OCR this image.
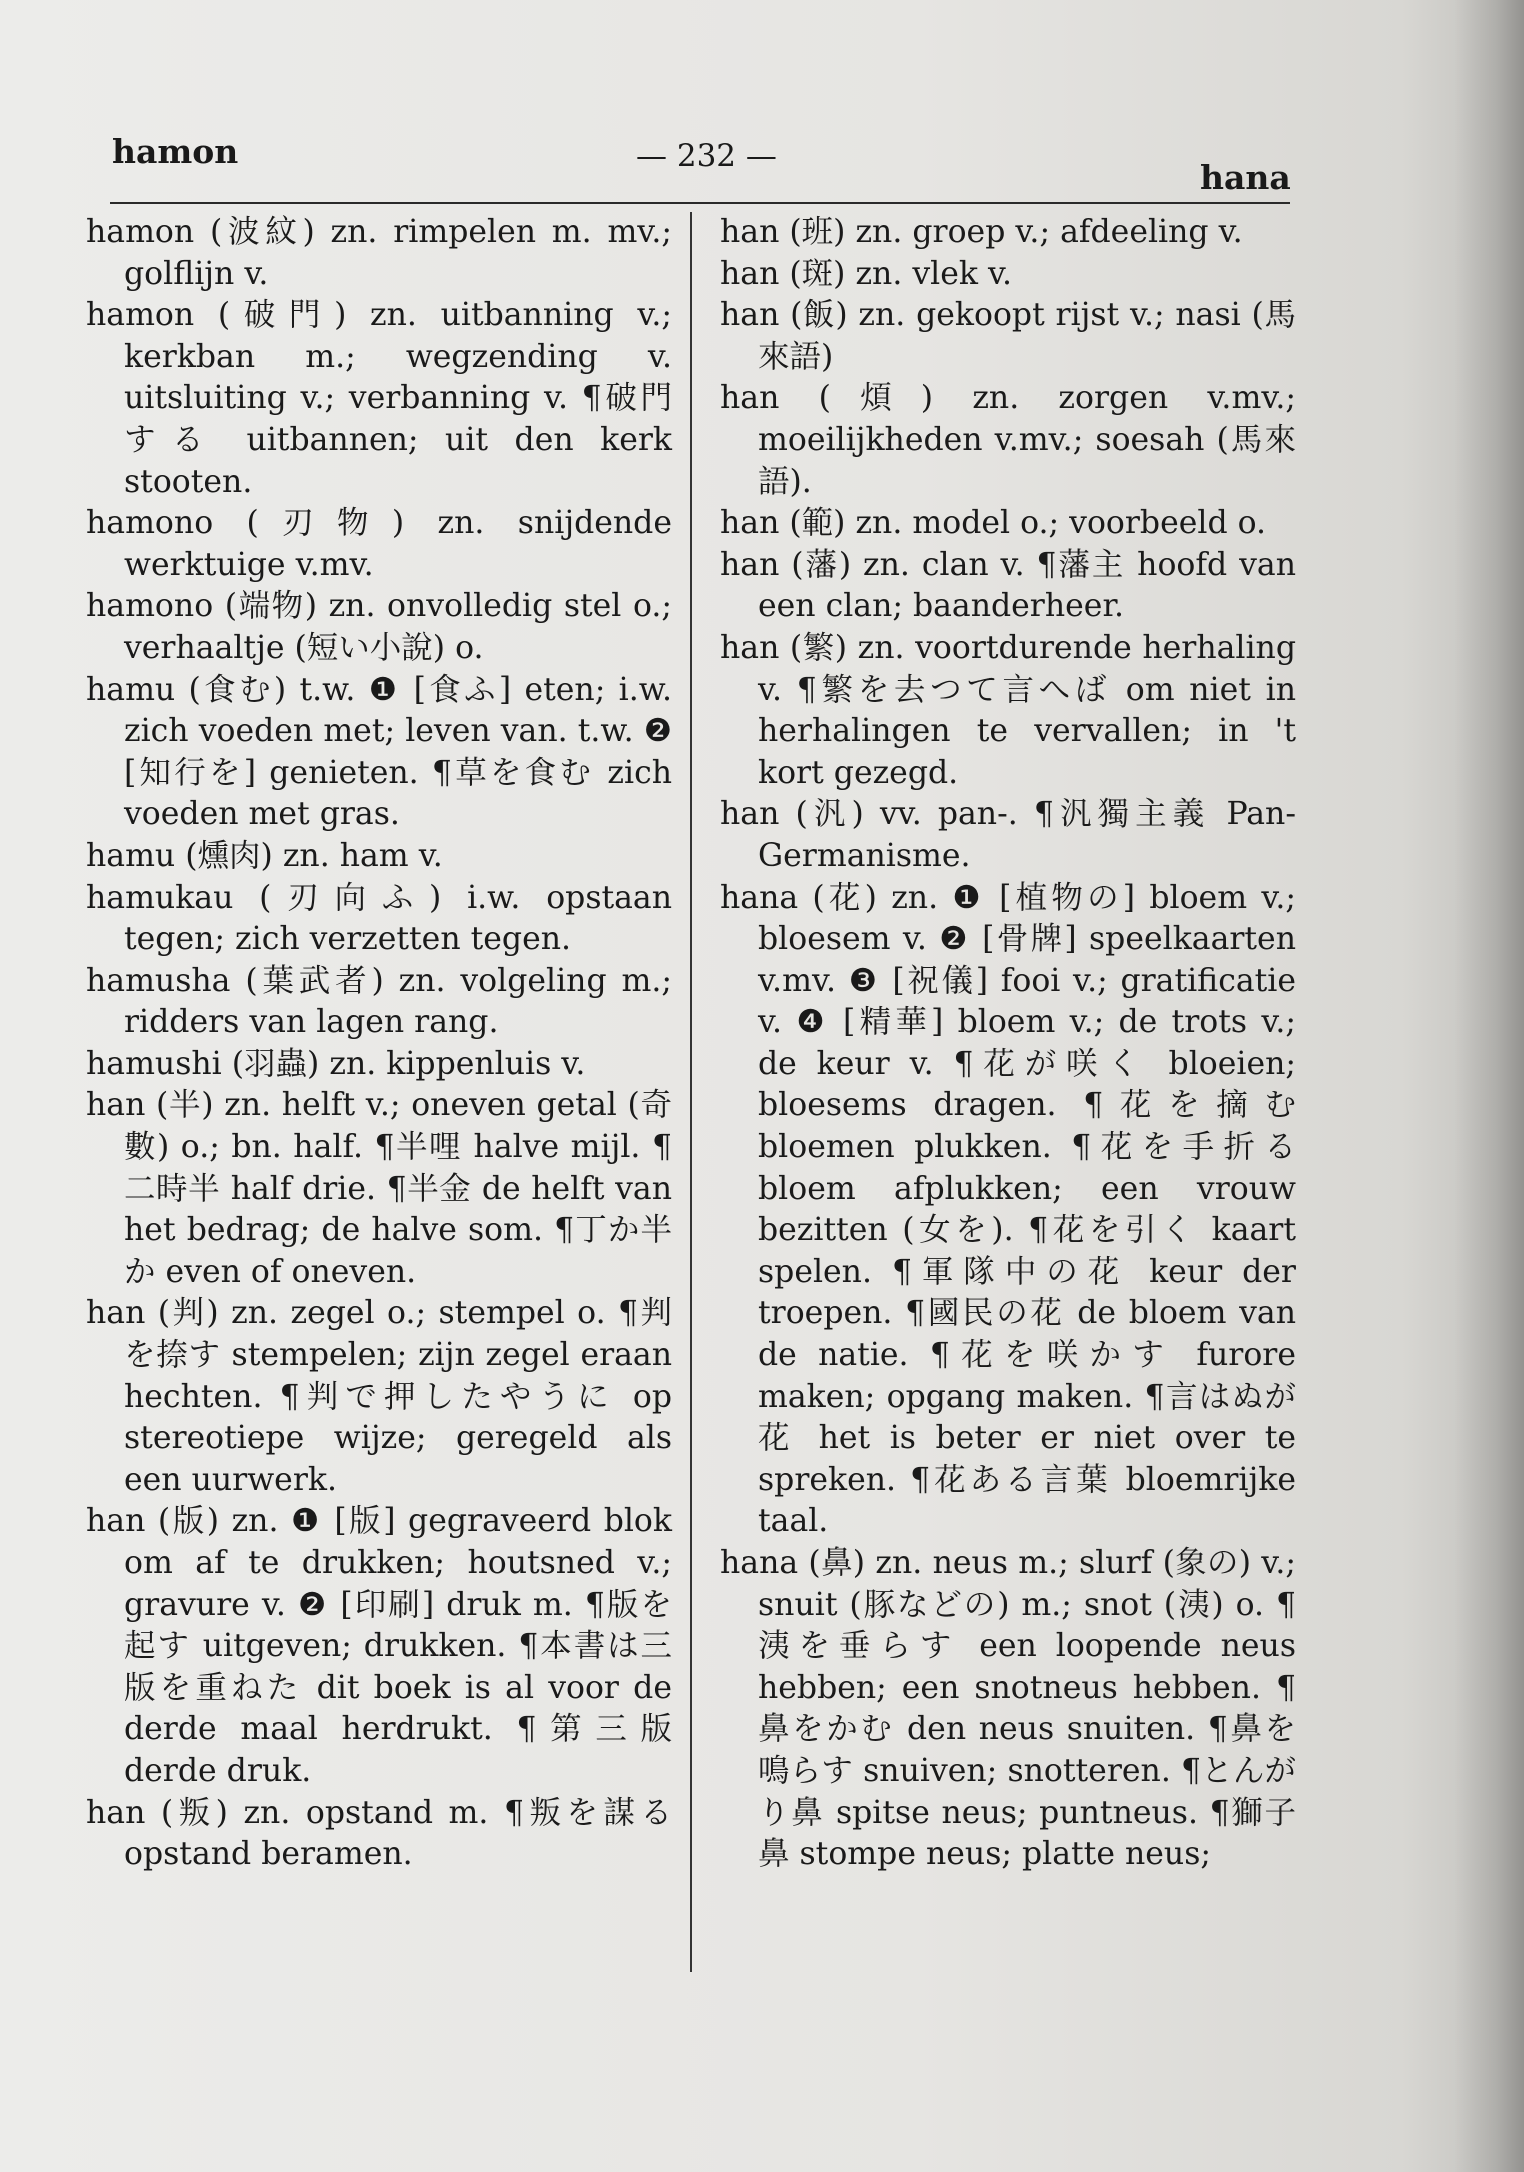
hamon	— 232 —
hana

hamon (波紋) zn. rimpelen m. mv.; golflijn v.

hamon (破門) zn. uitbanning v.; kerkban m.; wegzending v. uitsluiting v.; verbanning v. ¶破門する uitbannen; uit den kerk stooten.

hamono (刃物) zn. snijdende werktuige v.mv.

hamono (端物) zn. onvolledig stel o.; verhaaltje (短い小說) o.

hamu (食む) t.w. ❶ [食ふ] eten; i.w. zich voeden met; leven van. t.w. ❷ [知行を] genieten. ¶草を食む zich voeden met gras.

hamu (燻肉) zn. ham v.

hamukau (刃向ふ) i.w. opstaan tegen; zich verzetten tegen.

hamusha (葉武者) zn. volgeling m.; ridders van lagen rang.

hamushi (羽蟲) zn. kippenluis v.

han (半) zn. helft v.; oneven getal (奇數) o.; bn. half. ¶半哩 halve mijl. ¶二時半 half drie. ¶半金 de helft van het bedrag; de halve som. ¶丁か半か even of oneven.

han (判) zn. zegel o.; stempel o. ¶判を捺す stempelen; zijn zegel eraan hechten. ¶判で押したやうに op stereotiepe wijze; geregeld als een uurwerk.

han (版) zn. ❶ [版] gegraveerd blok om af te drukken; houtsned v.; gravure v. ❷ [印刷] druk m. ¶版を起す uitgeven; drukken. ¶本書は三版を重ねた dit boek is al voor de derde maal herdrukt. ¶第三版 derde druk.

han (叛) zn. opstand m. ¶叛を謀る opstand beramen.

han (班) zn. groep v.; afdeeling v.

han (斑) zn. vlek v.

han (飯) zn. gekoopt rijst v.; nasi (馬來語)

han (煩) zn. zorgen v.mv.; moeilijkheden v.mv.; soesah (馬來語).

han (範) zn. model o.; voorbeeld o.

han (藩) zn. clan v. ¶藩主 hoofd van een clan; baanderheer.

han (繁) zn. voortdurende herhaling v. ¶繁を去つて言へば om niet in herhalingen te vervallen; in 't kort gezegd.

han (汎) vv. pan-. ¶汎獨主義 Pan-Germanisme.

hana (花) zn. ❶ [植物の] bloem v.; bloesem v. ❷ [骨牌] speelkaarten v.mv. ❸ [祝儀] fooi v.; gratificatie v. ❹ [精華] bloem v.; de trots v.; de keur v. ¶花が咲く bloeien; bloesems dragen. ¶花を摘む bloemen plukken. ¶花を手折る bloem afplukken; een vrouw bezitten (女を). ¶花を引く kaart spelen. ¶軍隊中の花 keur der troepen. ¶國民の花 de bloem van de natie. ¶花を咲かす furore maken; opgang maken. ¶言はぬが花 het is beter er niet over te spreken. ¶花ある言葉 bloemrijke taal.

hana (鼻) zn. neus m.; slurf (象の) v.; snuit (豚などの) m.; snot (洟) o. ¶洟を垂らす een loopende neus hebben; een snotneus hebben. ¶鼻をかむ den neus snuiten. ¶鼻を鳴らす snuiven; snotteren. ¶とんがり鼻 spitse neus; puntneus. ¶獅子鼻 stompe neus; platte neus;
